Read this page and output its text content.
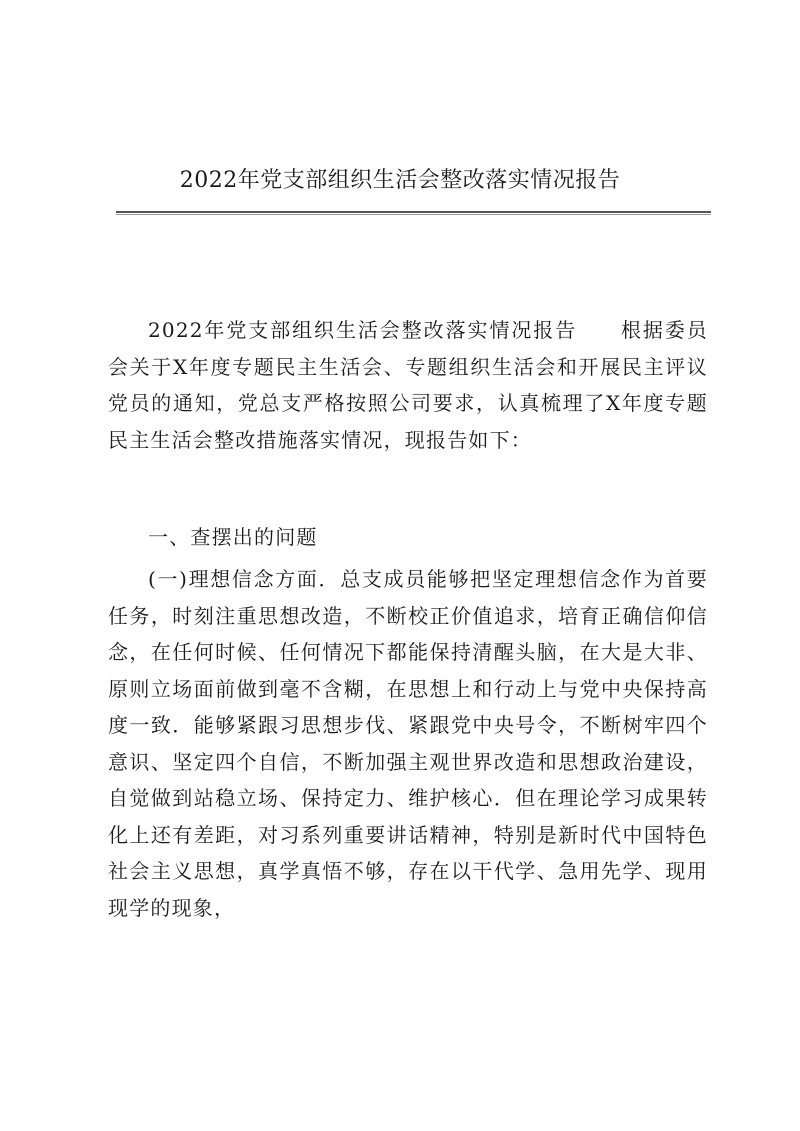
2022年党支部组织生活会整改落实情况报告

2022年党支部组织生活会整改落实情况报告　　根据委员会关于X年度专题民主生活会、专题组织生活会和开展民主评议党员的通知，党总支严格按照公司要求，认真梳理了X年度专题民主生活会整改措施落实情况，现报告如下：

一、查摆出的问题

(一)理想信念方面．总支成员能够把坚定理想信念作为首要任务，时刻注重思想改造，不断校正价值追求，培育正确信仰信念，在任何时候、任何情况下都能保持清醒头脑，在大是大非、原则立场面前做到毫不含糊，在思想上和行动上与党中央保持高度一致．能够紧跟习思想步伐、紧跟党中央号令，不断树牢四个意识、坚定四个自信，不断加强主观世界改造和思想政治建设，自觉做到站稳立场、保持定力、维护核心．但在理论学习成果转化上还有差距，对习系列重要讲话精神，特别是新时代中国特色社会主义思想，真学真悟不够，存在以干代学、急用先学、现用现学的现象，
